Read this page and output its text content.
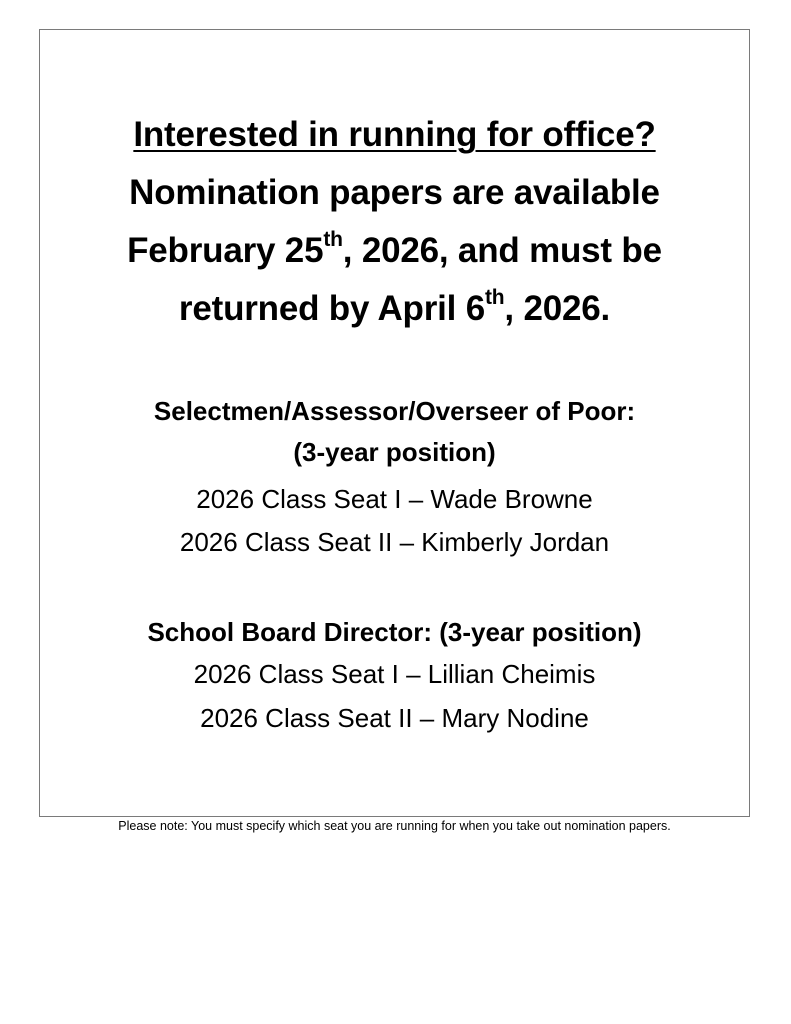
Interested in running for office?
Nomination papers are available
February 25th, 2026, and must be
returned by April 6th, 2026.
Selectmen/Assessor/Overseer of Poor:
(3-year position)
2026 Class Seat I – Wade Browne
2026 Class Seat II – Kimberly Jordan
School Board Director: (3-year position)
2026 Class Seat I – Lillian Cheimis
2026 Class Seat II – Mary Nodine
Please note: You must specify which seat you are running for when you take out nomination papers.
